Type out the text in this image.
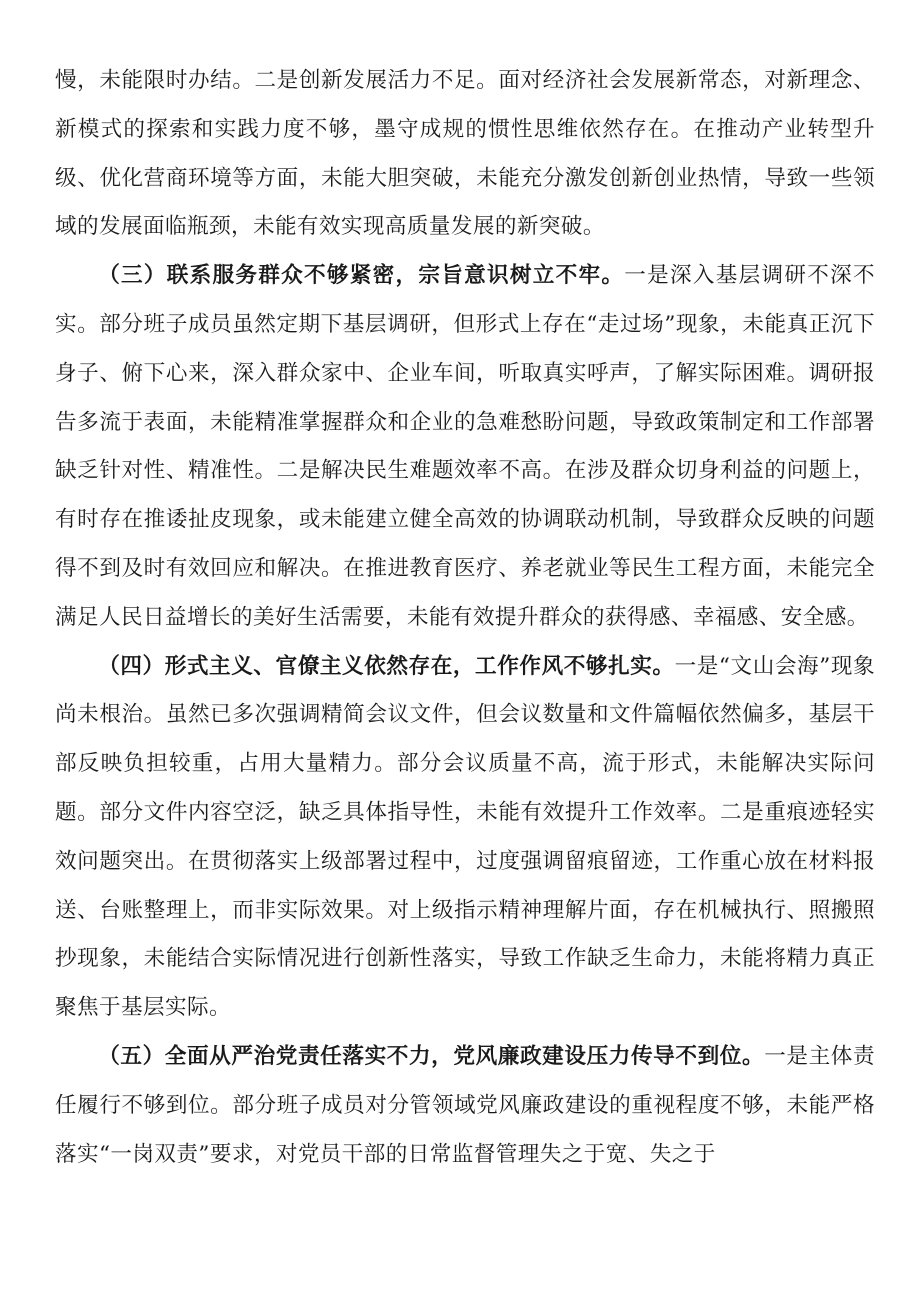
慢，未能限时办结。二是创新发展活力不足。面对经济社会发展新常态，对新理念、新模式的探索和实践力度不够，墨守成规的惯性思维依然存在。在推动产业转型升级、优化营商环境等方面，未能大胆突破，未能充分激发创新创业热情，导致一些领域的发展面临瓶颈，未能有效实现高质量发展的新突破。

（三）联系服务群众不够紧密，宗旨意识树立不牢。一是深入基层调研不深不实。部分班子成员虽然定期下基层调研，但形式上存在“走过场”现象，未能真正沉下身子、俯下心来，深入群众家中、企业车间，听取真实呼声，了解实际困难。调研报告多流于表面，未能精准掌握群众和企业的急难愁盼问题，导致政策制定和工作部署缺乏针对性、精准性。二是解决民生难题效率不高。在涉及群众切身利益的问题上，有时存在推诿扯皮现象，或未能建立健全高效的协调联动机制，导致群众反映的问题得不到及时有效回应和解决。在推进教育医疗、养老就业等民生工程方面，未能完全满足人民日益增长的美好生活需要，未能有效提升群众的获得感、幸福感、安全感。

（四）形式主义、官僚主义依然存在，工作作风不够扎实。一是“文山会海”现象尚未根治。虽然已多次强调精简会议文件，但会议数量和文件篇幅依然偏多，基层干部反映负担较重，占用大量精力。部分会议质量不高，流于形式，未能解决实际问题。部分文件内容空泛，缺乏具体指导性，未能有效提升工作效率。二是重痕迹轻实效问题突出。在贯彻落实上级部署过程中，过度强调留痕留迹，工作重心放在材料报送、台账整理上，而非实际效果。对上级指示精神理解片面，存在机械执行、照搬照抄现象，未能结合实际情况进行创新性落实，导致工作缺乏生命力，未能将精力真正聚焦于基层实际。

（五）全面从严治党责任落实不力，党风廉政建设压力传导不到位。一是主体责任履行不够到位。部分班子成员对分管领域党风廉政建设的重视程度不够，未能严格落实“一岗双责”要求，对党员干部的日常监督管理失之于宽、失之于
